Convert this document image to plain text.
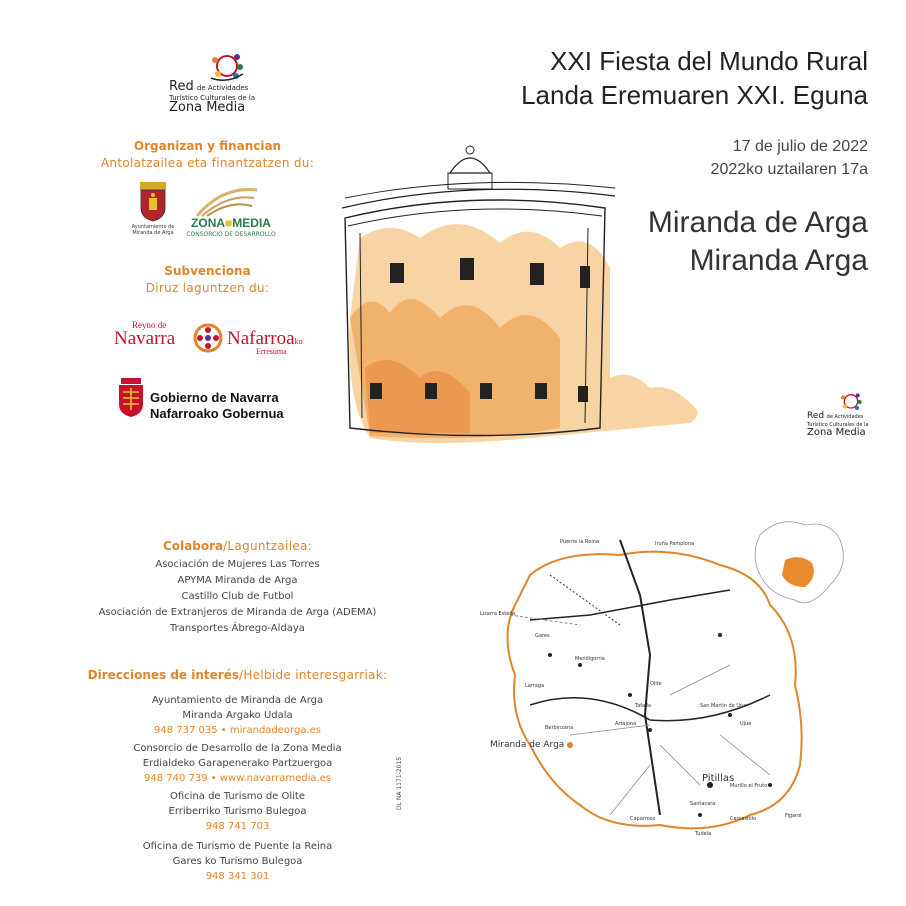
Red de Actividades
Turístico Culturales de la
Zona Media
Organizan y financian
Antolatzailea eta finantzatzen du:
Ayuntamiento de Miranda de Arga
ZONA■MEDIA
CONSORCIO DE DESARROLLO
Subvenciona
Diruz laguntzen du:
Reyno de
Navarra	Nafarroako
Erresuma
Gobierno de Navarra
Nafarroako Gobernua
XXI Fiesta del Mundo Rural
Landa Eremuaren XXI. Eguna
17 de julio de 2022
2022ko uztailaren 17a
Miranda de Arga
Miranda Arga
Red de Actividades
Turístico Culturales de la
Zona Media
Colabora/Laguntzailea:
Asociación de Mujeres Las Torres
APYMA Miranda de Arga
Castillo Club de Futbol
Asociación de Extranjeros de Miranda de Arga (ADEMA)
Transportes Ábrego-Aldaya
Direcciones de interés/Helbide interesgarriak:
Ayuntamiento de Miranda de Arga
Miranda Argako Udala
948 737 035 • mirandadeorga.es
Consorcio de Desarrollo de la Zona Media
Erdialdeko Garapenerako Partzuergoa
948 740 739 • www.navarramedia.es
Oficina de Turismo de Olite
Erriberriko Turismo Bulegoa
948 741 703
Oficina de Turismo de Puente la Reina
Gares ko Turismo Bulegoa
948 341 301
DL NA 1171-2015
Miranda de Arga
Pitillas
Iruña Pamplona
Puente la Reina
Gares
Mendigorría
Artajona
Larraga
Berbinzana
Tafalla
Olite
San Martín de Unx
Ujué
Murillo el Fruto
Santacara
Caparroso	Carcastillo	Figarol
Tudela
Lizarra Estella
